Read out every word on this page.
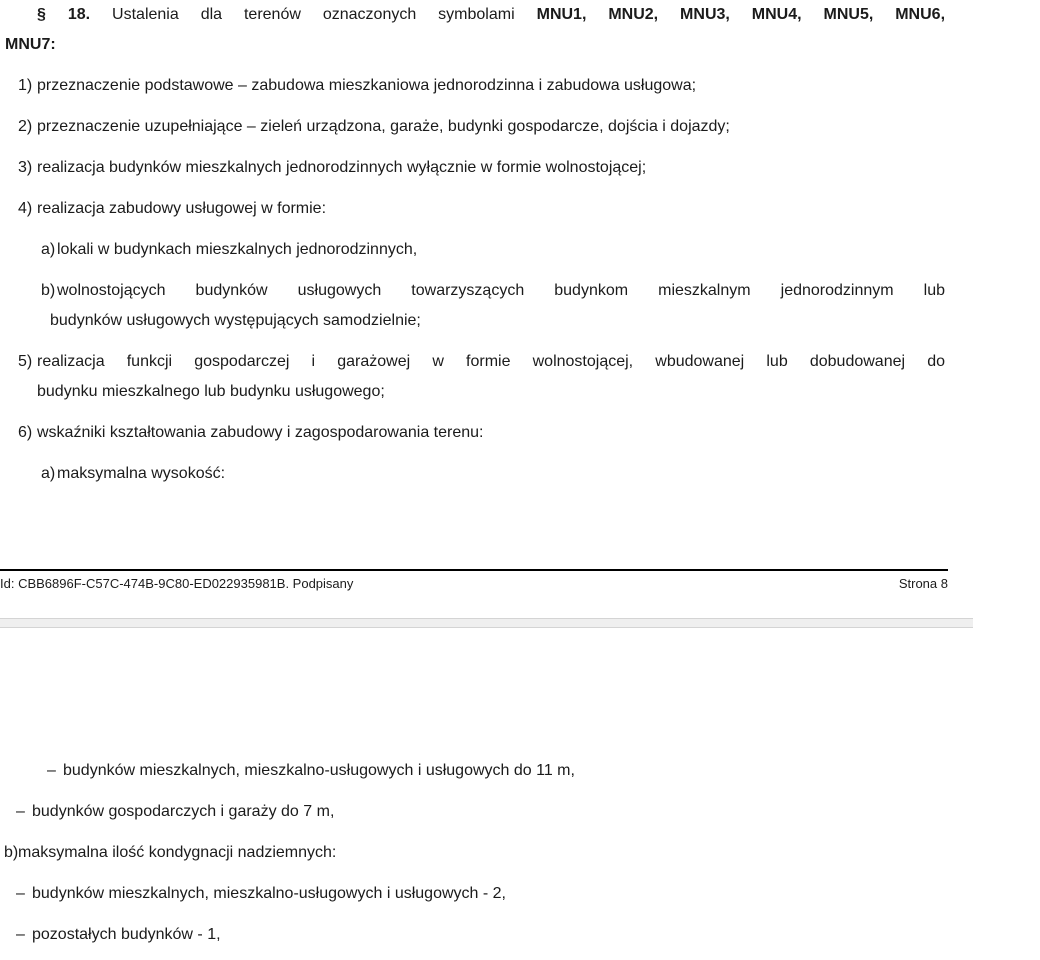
§ 18. Ustalenia dla terenów oznaczonych symbolami MNU1, MNU2, MNU3, MNU4, MNU5, MNU6,
MNU7:
1) przeznaczenie podstawowe – zabudowa mieszkaniowa jednorodzinna i zabudowa usługowa;
2) przeznaczenie uzupełniające – zieleń urządzona, garaże, budynki gospodarcze, dojścia i dojazdy;
3) realizacja budynków mieszkalnych jednorodzinnych wyłącznie w formie wolnostojącej;
4) realizacja zabudowy usługowej w formie:
a) lokali w budynkach mieszkalnych jednorodzinnych,
b) wolnostojących budynków usługowych towarzyszących budynkom mieszkalnym jednorodzinnym lub
budynków usługowych występujących samodzielnie;
5) realizacja funkcji gospodarczej i garażowej w formie wolnostojącej, wbudowanej lub dobudowanej do
budynku mieszkalnego lub budynku usługowego;
6) wskaźniki kształtowania zabudowy i zagospodarowania terenu:
a) maksymalna wysokość:
Id: CBB6896F-C57C-474B-9C80-ED022935981B. Podpisany	Strona 8
– budynków mieszkalnych, mieszkalno-usługowych i usługowych do 11 m,
– budynków gospodarczych i garaży do 7 m,
b) maksymalna ilość kondygnacji nadziemnych:
– budynków mieszkalnych, mieszkalno-usługowych i usługowych - 2,
– pozostałych budynków - 1,
